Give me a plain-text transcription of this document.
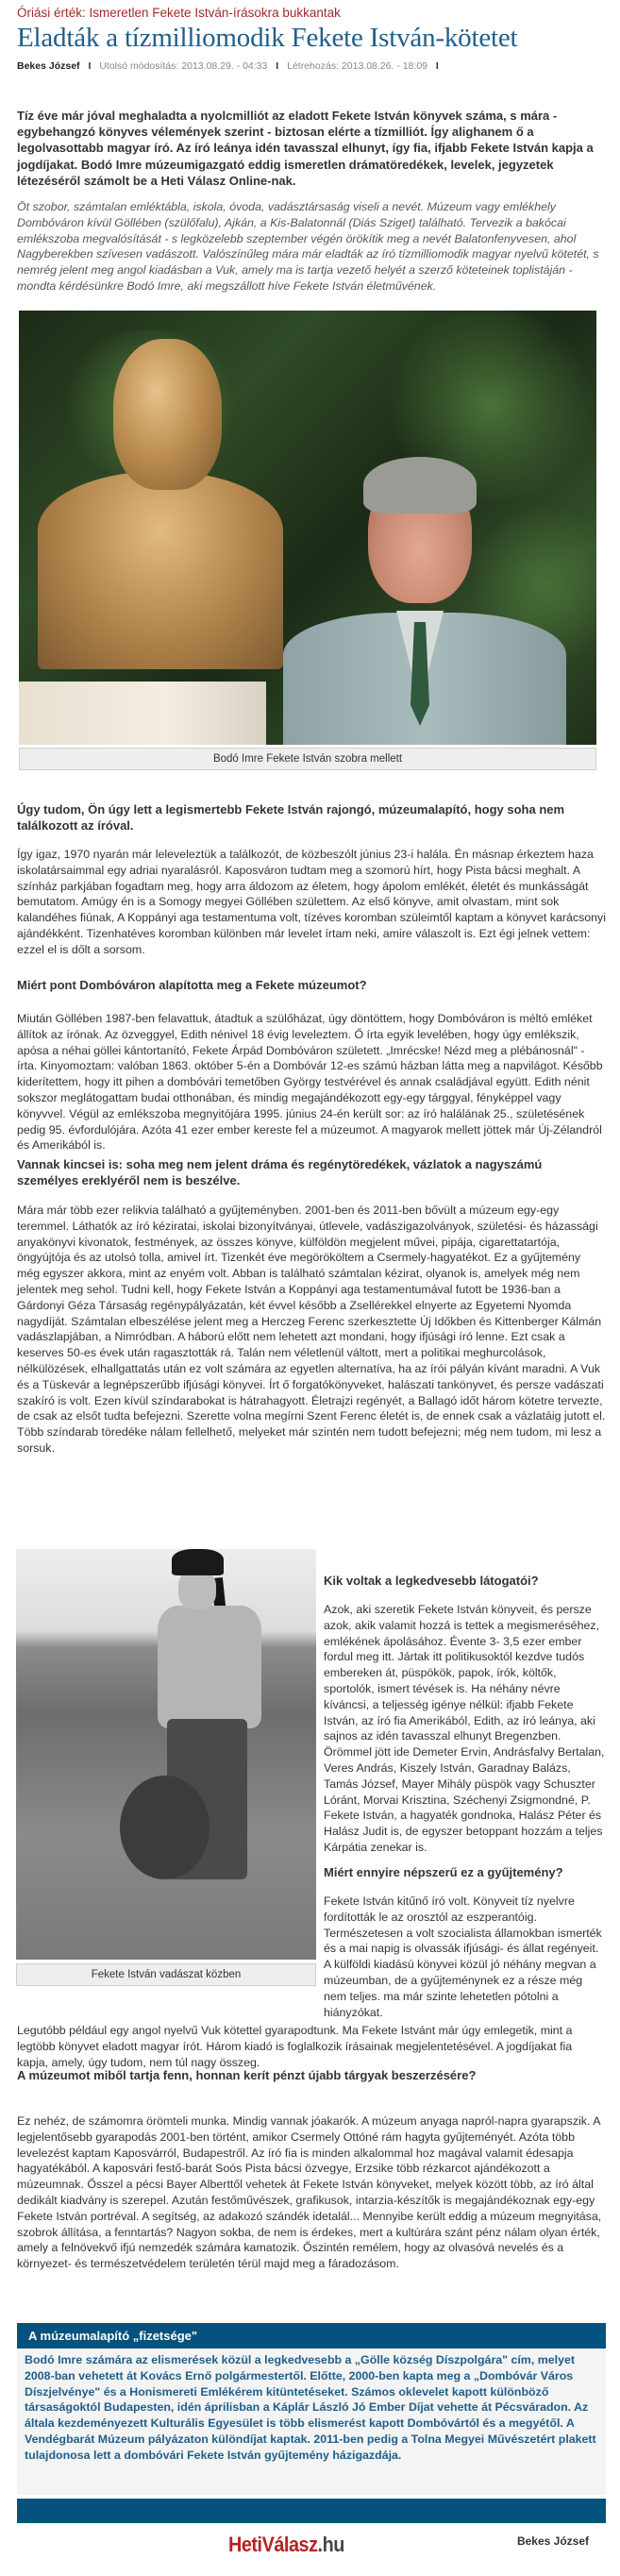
Óriási érték: Ismeretlen Fekete István-írásokra bukkantak
Eladták a tízmilliomodik Fekete István-kötetet
Bekes József I Utolsó módosítás: 2013.08.29. - 04:33 I Létrehozás: 2013.08.26. - 18:09 I

Tíz éve már jóval meghaladta a nyolcmilliót az eladott Fekete István könyvek száma, s mára - egybehangzó könyves vélemények szerint - biztosan elérte a tízmilliót. Így alighanem ő a legolvasottabb magyar író. Az író leánya idén tavasszal elhunyt, így fia, ifjabb Fekete István kapja a jogdíjakat. Bodó Imre múzeumigazgató eddig ismeretlen drámatöredékek, levelek, jegyzetek létezéséről számolt be a Heti Válasz Online-nak.

Öt szobor, számtalan emléktábla, iskola, óvoda, vadásztársaság viseli a nevét. Múzeum vagy emlékhely Dombóváron kívül Göllében (szülőfalu), Ajkán, a Kis-Balatonnál (Diás Sziget) található. Tervezik a bakócai emlékszoba megvalósítását - s legközelebb szeptember végén örökítik meg a nevét Balatonfenyvesen, ahol Nagyberekben szívesen vadászott. Valószínűleg mára már eladták az író tízmilliomodik magyar nyelvű kötetét, s nemrég jelent meg angol kiadásban a Vuk, amely ma is tartja vezető helyét a szerző köteteinek toplistáján - mondta kérdésünkre Bodó Imre, aki megszállott híve Fekete István életművének.

Bodó Imre Fekete István szobra mellett

Úgy tudom, Ön úgy lett a legismertebb Fekete István rajongó, múzeumalapító, hogy soha nem találkozott az íróval.

Így igaz, 1970 nyarán már leleveleztük a találkozót, de közbeszólt június 23-i halála. Én másnap érkeztem haza iskolatársaimmal egy adriai nyaralásról. Kaposváron tudtam meg a szomorú hírt, hogy Pista bácsi meghalt. A színház parkjában fogadtam meg, hogy arra áldozom az életem, hogy ápolom emlékét, életét és munkásságát bemutatom. Amúgy én is a Somogy megyei Göllében születtem. Az első könyve, amit olvastam, mint sok kalandéhes fiúnak, A Koppányi aga testamentuma volt, tízéves koromban szüleimtől kaptam a könyvet karácsonyi ajándékként. Tizenhatéves koromban különben már levelet írtam neki, amire válaszolt is. Ezt égi jelnek vettem: ezzel el is dőlt a sorsom.

Miért pont Dombóváron alapította meg a Fekete múzeumot?

Miután Göllében 1987-ben felavattuk, átadtuk a szülőházat, úgy döntöttem, hogy Dombóváron is méltó emléket állítok az írónak. Az özveggyel, Edith nénivel 18 évig leveleztem. Ő írta egyik levelében, hogy úgy emlékszik, apósa a néhai göllei kántortanító, Fekete Árpád Dombóváron született. „Imrécske! Nézd meg a plébánosnál" - írta. Kinyomoztam: valóban 1863. október 5-én a Dombóvár 12-es számú házban látta meg a napvilágot. Később kiderítettem, hogy itt pihen a dombóvári temetőben György testvérével és annak családjával együtt. Edith nénit sokszor meglátogattam budai otthonában, és mindig megajándékozott egy-egy tárggyal, fényképpel vagy könyvvel. Végül az emlékszoba megnyitójára 1995. június 24-én került sor: az író halálának 25., születésének pedig 95. évfordulójára. Azóta 41 ezer ember kereste fel a múzeumot. A magyarok mellett jöttek már Új-Zélandról és Amerikából is.

Vannak kincsei is: soha meg nem jelent dráma és regénytöredékek, vázlatok a nagyszámú személyes ereklyéről nem is beszélve.

Mára már több ezer relikvia található a gyűjteményben. 2001-ben és 2011-ben bővült a múzeum egy-egy teremmel. Láthatók az író kéziratai, iskolai bizonyítványai, útlevele, vadászigazolványok, születési- és házassági anyakönyvi kivonatok, festmények, az összes könyve, külföldön megjelent művei, pipája, cigarettatartója, öngyújtója és az utolsó tolla, amivel írt. Tizenkét éve megörököltem a Csermely-hagyatékot. Ez a gyűjtemény még egyszer akkora, mint az enyém volt. Abban is található számtalan kézirat, olyanok is, amelyek még nem jelentek meg sehol. Tudni kell, hogy Fekete István a Koppányi aga testamentumával futott be 1936-ban a Gárdonyi Géza Társaság regénypályázatán, két évvel később a Zsellérekkel elnyerte az Egyetemi Nyomda nagydíját. Számtalan elbeszélése jelent meg a Herczeg Ferenc szerkesztette Új Időkben és Kittenberger Kálmán vadászlapjában, a Nimródban. A háború előtt nem lehetett azt mondani, hogy ifjúsági író lenne. Ezt csak a keserves 50-es évek után ragasztották rá. Talán nem véletlenül váltott, mert a politikai meghurcolások, nélkülözések, elhallgattatás után ez volt számára az egyetlen alternatíva, ha az írói pályán kívánt maradni. A Vuk és a Tüskevár a legnépszerűbb ifjúsági könyvei. Írt ő forgatókönyveket, halászati tankönyvet, és persze vadászati szakíró is volt. Ezen kívül színdarabokat is hátrahagyott. Életrajzi regényét, a Ballagó időt három kötetre tervezte, de csak az elsőt tudta befejezni. Szerette volna megírni Szent Ferenc életét is, de ennek csak a vázlatáig jutott el. Több színdarab töredéke nálam fellelhető, melyeket már szintén nem tudott befejezni; még nem tudom, mi lesz a sorsuk.

Fekete István vadászat közben

Kik voltak a legkedvesebb látogatói?

Azok, aki szeretik Fekete István könyveit, és persze azok, akik valamit hozzá is tettek a megismeréséhez, emlékének ápolásához. Évente 3- 3,5 ezer ember fordul meg itt. Jártak itt politikusoktól kezdve tudós embereken át, püspökök, papok, írók, költők, sportolók, ismert tévések is. Ha néhány névre kíváncsi, a teljesség igénye nélkül: ifjabb Fekete István, az író fia Amerikából, Edith, az író leánya, aki sajnos az idén tavasszal elhunyt Bregenzben. Örömmel jött ide Demeter Ervin, Andrásfalvy Bertalan, Veres András, Kiszely István, Garadnay Balázs, Tamás József, Mayer Mihály püspök vagy Schuszter Lóránt, Morvai Krisztina, Széchenyi Zsigmondné, P. Fekete István, a hagyaték gondnoka, Halász Péter és Halász Judit is, de egyszer betoppant hozzám a teljes Kárpátia zenekar is.

Miért ennyire népszerű ez a gyűjtemény?

Fekete István kitűnő író volt. Könyveit tíz nyelvre fordították le az orosztól az eszperantóig. Természetesen a volt szocialista államokban ismerték és a mai napig is olvassák ifjúsági- és állat regényeit. A külföldi kiadású könyvei közül jó néhány megvan a múzeumban, de a gyűjteménynek ez a része még nem teljes. ma már szinte lehetetlen pótolni a hiányzókat.

Legutóbb például egy angol nyelvű Vuk kötettel gyarapodtunk. Ma Fekete Istvánt már úgy emlegetik, mint a legtöbb könyvet eladott magyar írót. Három kiadó is foglalkozik írásainak megjelentetésével. A jogdíjakat fia kapja, amely, úgy tudom, nem túl nagy összeg.

A múzeumot miből tartja fenn, honnan kerít pénzt újabb tárgyak beszerzésére?

Ez nehéz, de számomra örömteli munka. Mindig vannak jóakarók. A múzeum anyaga napról-napra gyarapszik. A legjelentősebb gyarapodás 2001-ben történt, amikor Csermely Ottóné rám hagyta gyűjteményét. Azóta több levelezést kaptam Kaposvárról, Budapestről. Az író fia is minden alkalommal hoz magával valamit édesapja hagyatékából. A kaposvári festő-barát Soós Pista bácsi özvegye, Erzsike több rézkarcot ajándékozott a múzeumnak. Ősszel a pécsi Bayer Alberttől vehetek át Fekete István könyveket, melyek között több, az író által dedikált kiadvány is szerepel. Azután festőművészek, grafikusok, intarzia-készítők is megajándékoznak egy-egy Fekete István portréval. A segítség, az adakozó szándék idetalál... Mennyibe került eddig a múzeum megnyitása, szobrok állítása, a fenntartás? Nagyon sokba, de nem is érdekes, mert a kultúrára szánt pénz nálam olyan érték, amely a felnövekvő ifjú nemzedék számára kamatozik. Őszintén remélem, hogy az olvasóvá nevelés és a környezet- és természetvédelem területén térül majd meg a fáradozásom.

A múzeumalapító „fizetsége"
Bodó Imre számára az elismerések közül a legkedvesebb a „Gölle község Díszpolgára" cím, melyet 2008-ban vehetett át Kovács Ernő polgármestertől. Előtte, 2000-ben kapta meg a „Dombóvár Város Díszjelvénye" és a Honismereti Emlékérem kitüntetéseket. Számos oklevelet kapott különböző társaságoktól Budapesten, idén áprilisban a Káplár László Jó Ember Díjat vehette át Pécsváradon. Az általa kezdeményezett Kulturális Egyesület is több elismerést kapott Dombóvártól és a megyétől. A Vendégbarát Múzeum pályázaton különdíjat kaptak. 2011-ben pedig a Tolna Megyei Művészetért plakett tulajdonosa lett a dombóvári Fekete István gyűjtemény házigazdája.
HetiVálasz.hu	Bekes József
